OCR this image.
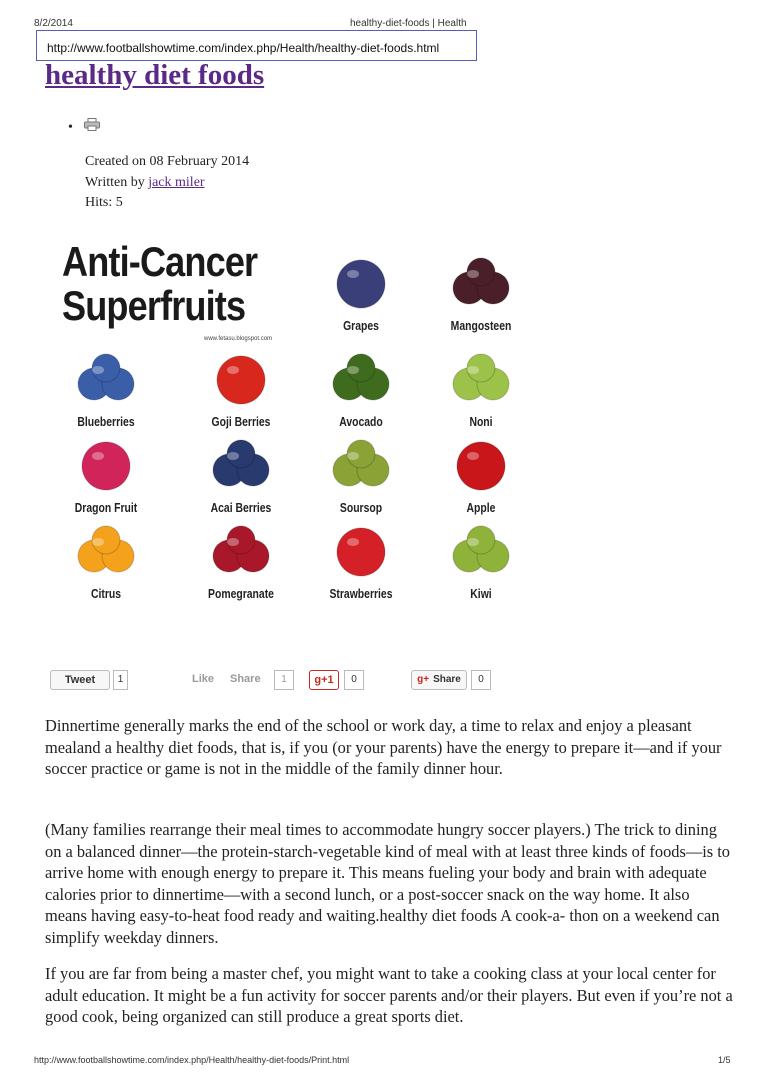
8/2/2014	healthy-diet-foods | Health
http://www.footballshowtime.com/index.php/Health/healthy-diet-foods.html
healthy diet foods
•
Created on 08 February 2014
Written by jack miler
Hits: 5
Anti-Cancer
Superfruits
www.fetasu.blogspot.com
Grapes	Mangosteen
Blueberries	Goji Berries	Avocado	Noni
Dragon Fruit	Acai Berries	Soursop	Apple
Citrus	Pomegranate	Strawberries	Kiwi
Tweet	1	Like Share	1	g+1	0	g+ Share	0

Dinnertime generally marks the end of the school or work day, a time to relax and enjoy a pleasant mealand a healthy diet foods, that is, if you (or your parents) have the energy to prepare it—and if your soccer practice or game is not in the middle of the family dinner hour.

(Many families rearrange their meal times to accommodate hungry soccer players.) The trick to dining on a balanced dinner—the protein-starch-vegetable kind of meal with at least three kinds of foods—is to arrive home with enough energy to prepare it. This means fueling your body and brain with adequate calories prior to dinnertime—with a second lunch, or a post-soccer snack on the way home. It also means having easy-to-heat food ready and waiting.healthy diet foods A cook-a- thon on a weekend can simplify weekday dinners.

If you are far from being a master chef, you might want to take a cooking class at your local center for adult education. It might be a fun activity for soccer parents and/or their players. But even if you’re not a good cook, being organized can still produce a great sports diet.

http://www.footballshowtime.com/index.php/Health/healthy-diet-foods/Print.html	1/5
